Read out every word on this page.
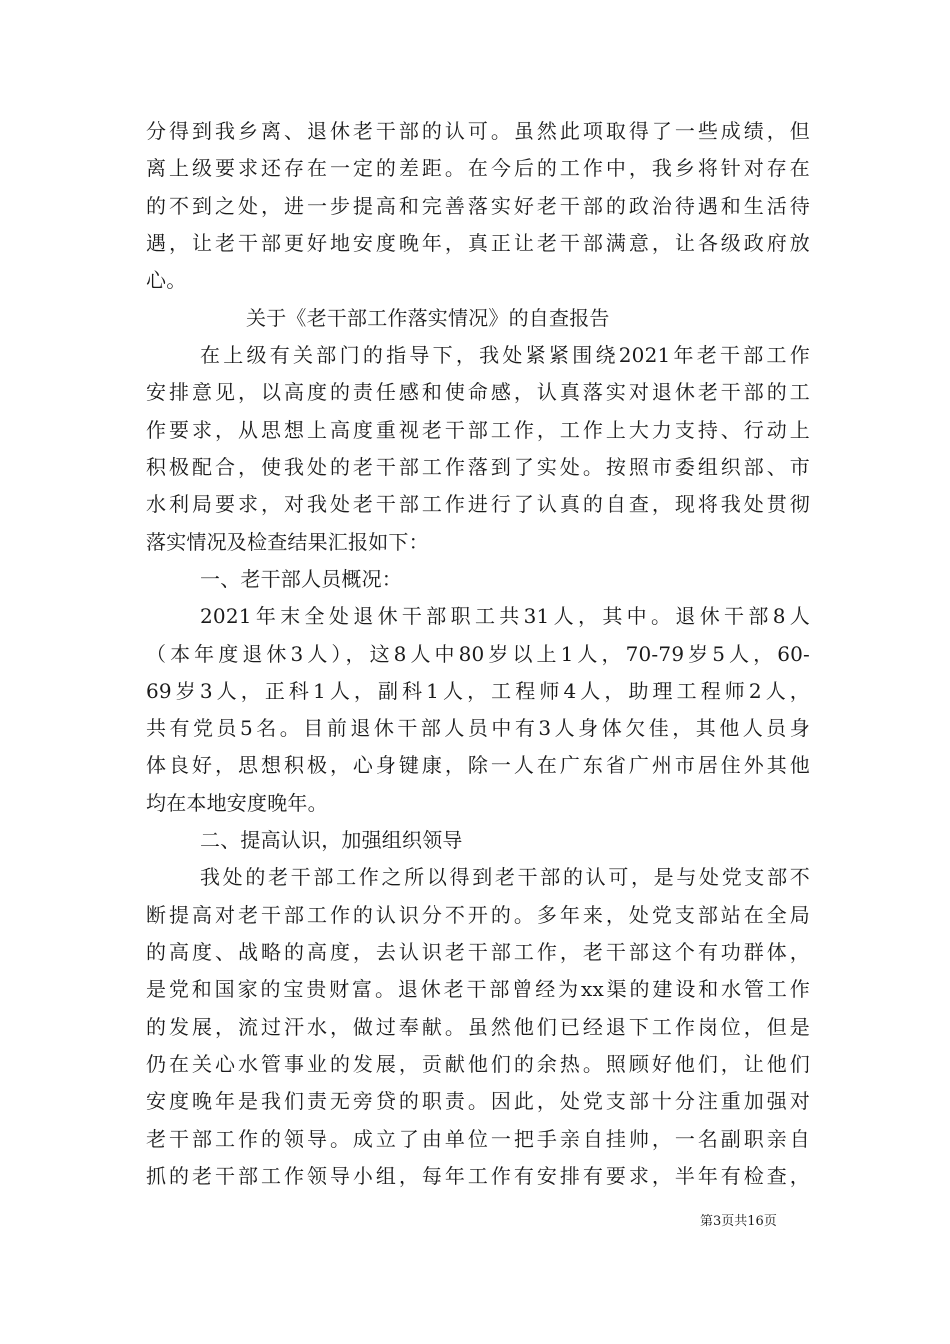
分得到我乡离、退休老干部的认可。虽然此项取得了一些成绩，但
离上级要求还存在一定的差距。在今后的工作中，我乡将针对存在
的不到之处，进一步提高和完善落实好老干部的政治待遇和生活待
遇，让老干部更好地安度晚年，真正让老干部满意，让各级政府放
心。
关于《老干部工作落实情况》的自查报告
在上级有关部门的指导下，我处紧紧围绕2021年老干部工作
安排意见，以高度的责任感和使命感，认真落实对退休老干部的工
作要求，从思想上高度重视老干部工作，工作上大力支持、行动上
积极配合，使我处的老干部工作落到了实处。按照市委组织部、市
水利局要求，对我处老干部工作进行了认真的自查，现将我处贯彻
落实情况及检查结果汇报如下：
一、老干部人员概况：
2021年末全处退休干部职工共31人，其中。退休干部8人
（本年度退休3人），这8人中80岁以上1人，70-79岁5人，60-
69岁3人，正科1人，副科1人，工程师4人，助理工程师2人，
共有党员5名。目前退休干部人员中有3人身体欠佳，其他人员身
体良好，思想积极，心身键康，除一人在广东省广州市居住外其他
均在本地安度晚年。
二、提高认识，加强组织领导
我处的老干部工作之所以得到老干部的认可，是与处党支部不
断提高对老干部工作的认识分不开的。多年来，处党支部站在全局
的高度、战略的高度，去认识老干部工作，老干部这个有功群体，
是党和国家的宝贵财富。退休老干部曾经为xx渠的建设和水管工作
的发展，流过汗水，做过奉献。虽然他们已经退下工作岗位，但是
仍在关心水管事业的发展，贡献他们的余热。照顾好他们，让他们
安度晚年是我们责无旁贷的职责。因此，处党支部十分注重加强对
老干部工作的领导。成立了由单位一把手亲自挂帅，一名副职亲自
抓的老干部工作领导小组，每年工作有安排有要求，半年有检查，
第3页共16页
